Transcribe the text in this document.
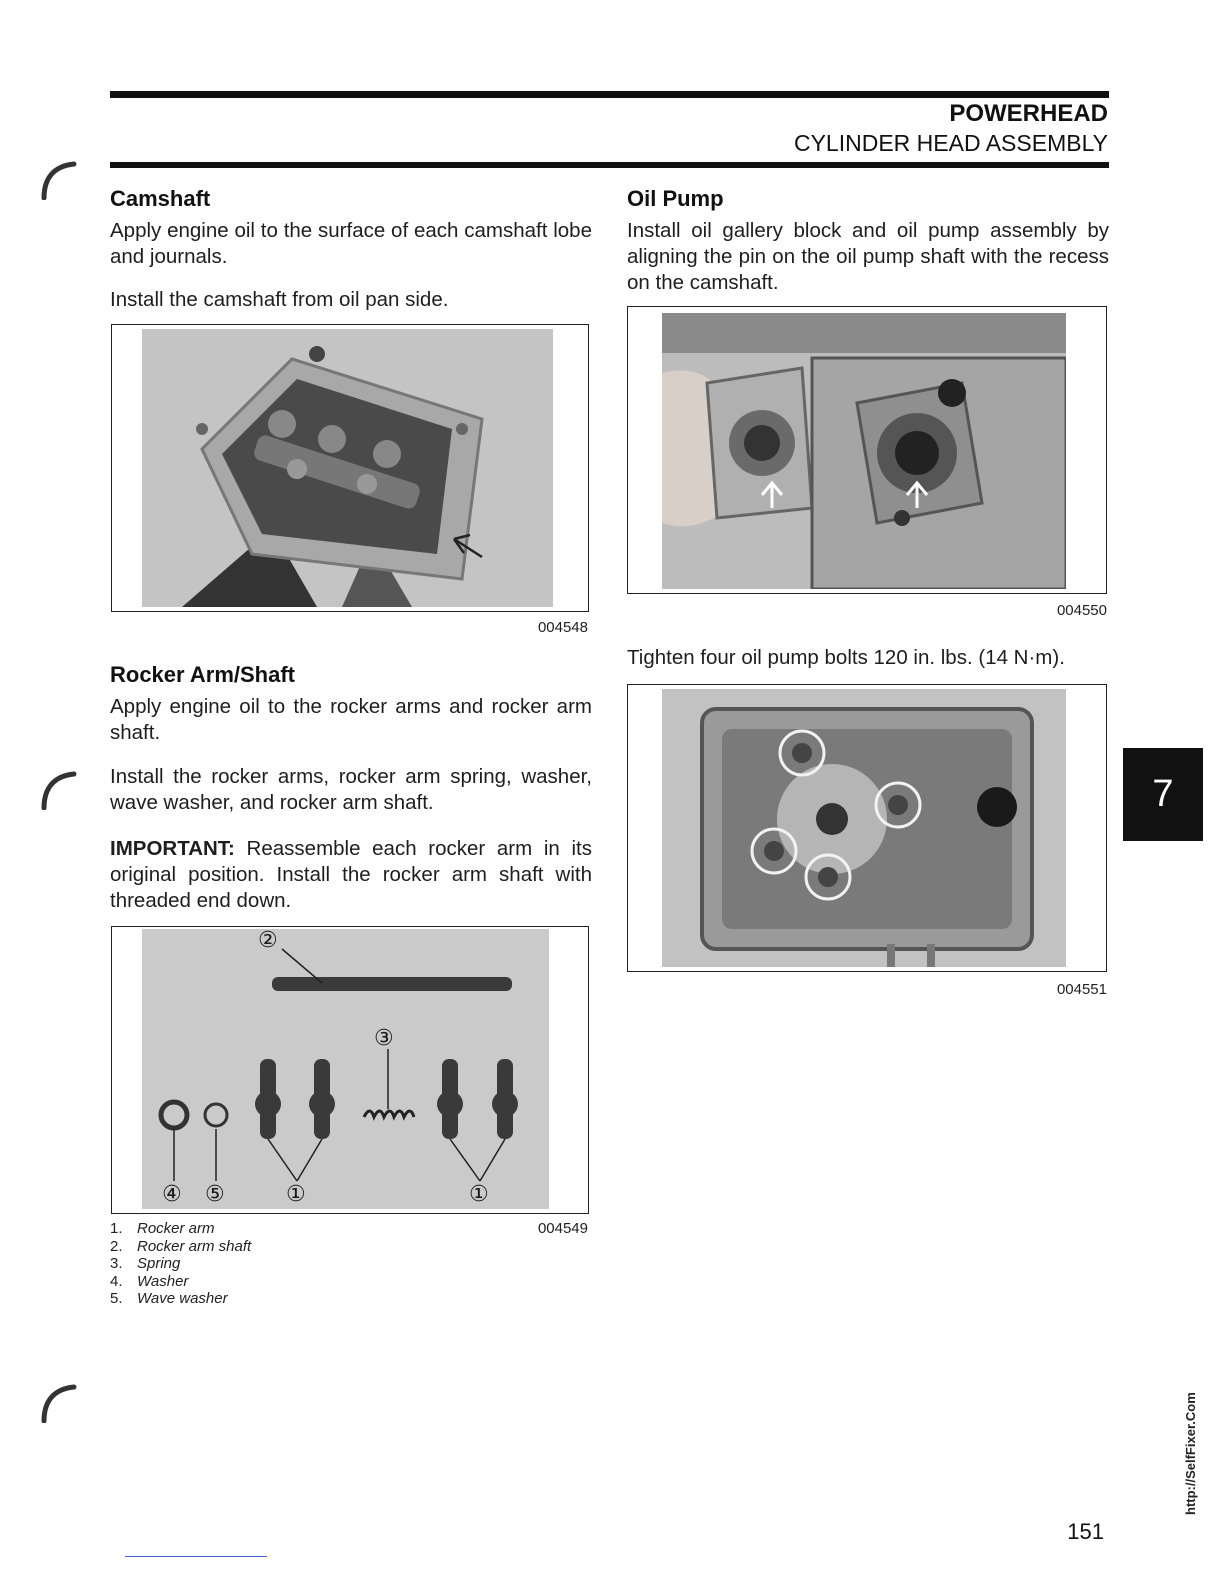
POWERHEAD
CYLINDER HEAD ASSEMBLY
Camshaft

Apply engine oil to the surface of each camshaft lobe and journals.

Install the camshaft from oil pan side.

004548
Rocker Arm/Shaft

Apply engine oil to the rocker arms and rocker arm shaft.

Install the rocker arms, rocker arm spring, washer, wave washer, and rocker arm shaft.

IMPORTANT: Reassemble each rocker arm in its original position. Install the rocker arm shaft with threaded end down.

②
③
④ ⑤	①	①
1. Rocker arm
2. Rocker arm shaft
3. Spring
4. Washer
5. Wave washer
004549
Oil Pump

Install oil gallery block and oil pump assembly by aligning the pin on the oil pump shaft with the recess on the camshaft.

004550

Tighten four oil pump bolts 120 in. lbs. (14 N·m).

004551
7
http://SelfFixer.Com
151
